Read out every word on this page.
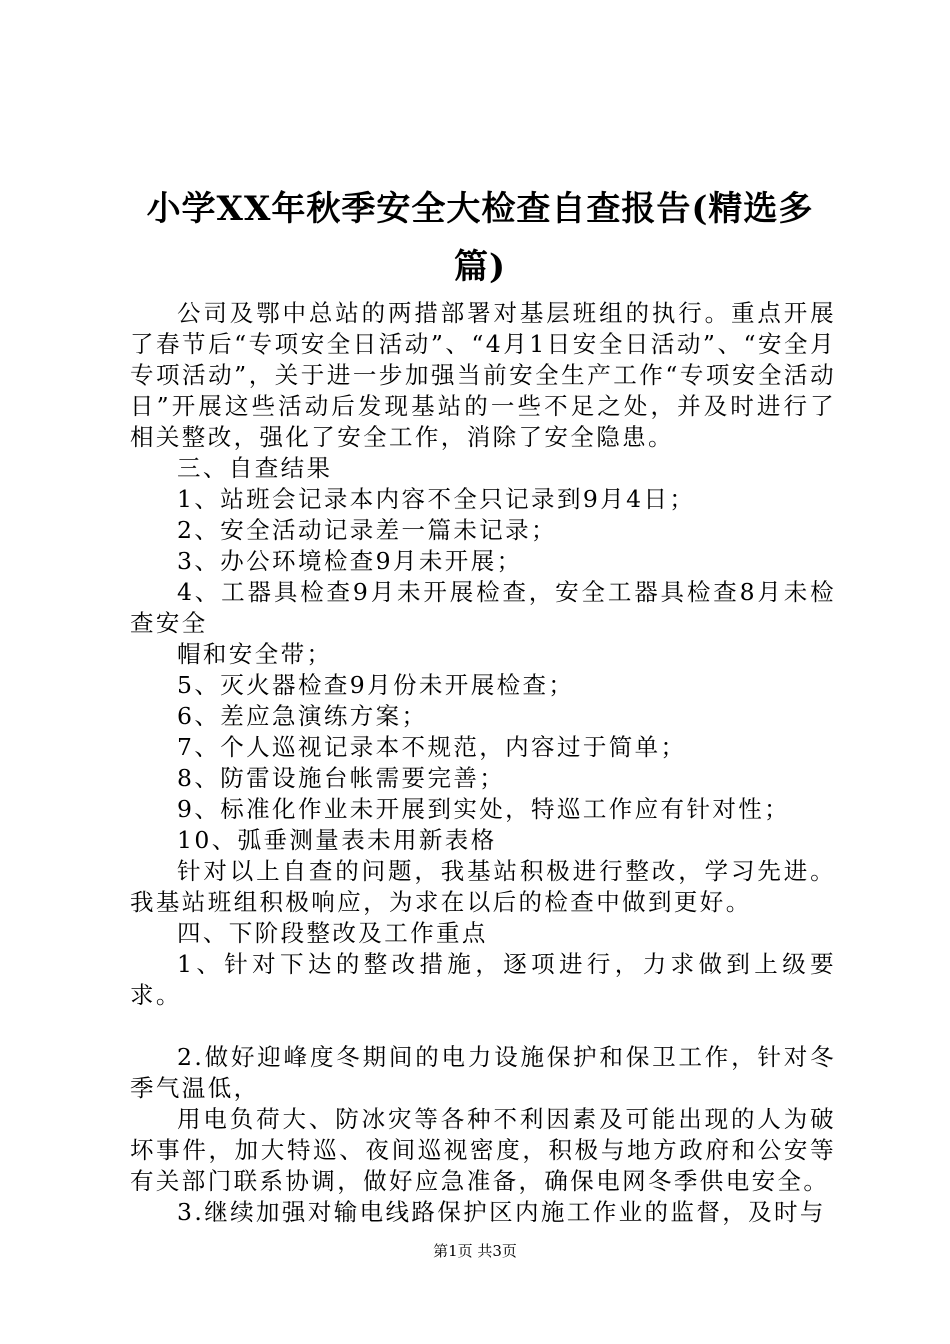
小学XX年秋季安全大检查自查报告(精选多
篇)

公司及鄂中总站的两措部署对基层班组的执行。重点开展了春节后“专项安全日活动”、“4月1日安全日活动”、“安全月专项活动”，关于进一步加强当前安全生产工作“专项安全活动日”开展这些活动后发现基站的一些不足之处，并及时进行了相关整改，强化了安全工作，消除了安全隐患。

三、自查结果

1、站班会记录本内容不全只记录到9月4日；

2、安全活动记录差一篇未记录；

3、办公环境检查9月未开展；

4、工器具检查9月未开展检查，安全工器具检查8月未检查安全

帽和安全带；

5、灭火器检查9月份未开展检查；

6、差应急演练方案；

7、个人巡视记录本不规范，内容过于简单；

8、防雷设施台帐需要完善；

9、标准化作业未开展到实处，特巡工作应有针对性；

10、弧垂测量表未用新表格

针对以上自查的问题，我基站积极进行整改，学习先进。我基站班组积极响应，为求在以后的检查中做到更好。

四、下阶段整改及工作重点

1、针对下达的整改措施，逐项进行，力求做到上级要求。

2.做好迎峰度冬期间的电力设施保护和保卫工作，针对冬季气温低，

用电负荷大、防冰灾等各种不利因素及可能出现的人为破坏事件，加大特巡、夜间巡视密度，积极与地方政府和公安等有关部门联系协调，做好应急准备，确保电网冬季供电安全。

3.继续加强对输电线路保护区内施工作业的监督，及时与

第1页 共3页
